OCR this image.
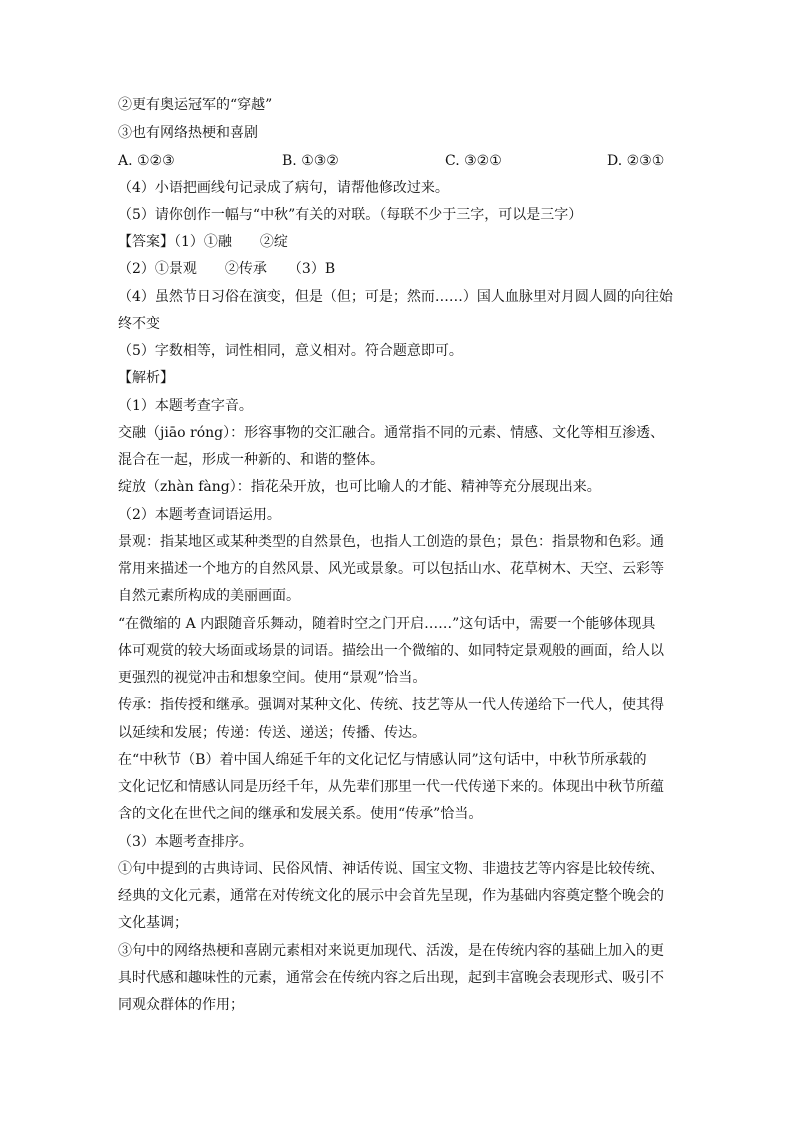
②更有奥运冠军的“穿越”
③也有网络热梗和喜剧
A. ①②③	B. ①③②	C. ③②①	D. ②③①
（4）小语把画线句记录成了病句，请帮他修改过来。
（5）请你创作一幅与“中秋”有关的对联。（每联不少于三字，可以是三字）
【答案】（1）①融　　②绽
（2）①景观　　②传承　　（3）B
（4）虽然节日习俗在演变，但是（但；可是；然而……）国人血脉里对月圆人圆的向往始
终不变
（5）字数相等，词性相同，意义相对。符合题意即可。
【解析】
（1）本题考查字音。
交融（jiāo róng）：形容事物的交汇融合。通常指不同的元素、情感、文化等相互渗透、
混合在一起，形成一种新的、和谐的整体。
绽放（zhàn fàng）：指花朵开放，也可比喻人的才能、精神等充分展现出来。
（2）本题考查词语运用。
景观：指某地区或某种类型的自然景色，也指人工创造的景色；景色：指景物和色彩。通
常用来描述一个地方的自然风景、风光或景象。可以包括山水、花草树木、天空、云彩等
自然元素所构成的美丽画面。
“在微缩的 A 内跟随音乐舞动，随着时空之门开启……”这句话中，需要一个能够体现具
体可观赏的较大场面或场景的词语。描绘出一个微缩的、如同特定景观般的画面，给人以
更强烈的视觉冲击和想象空间。使用“景观”恰当。
传承：指传授和继承。强调对某种文化、传统、技艺等从一代人传递给下一代人，使其得
以延续和发展；传递：传送、递送；传播、传达。
在“中秋节（B）着中国人绵延千年的文化记忆与情感认同”这句话中，中秋节所承载的
文化记忆和情感认同是历经千年，从先辈们那里一代一代传递下来的。体现出中秋节所蕴
含的文化在世代之间的继承和发展关系。使用“传承”恰当。
（3）本题考查排序。
①句中提到的古典诗词、民俗风情、神话传说、国宝文物、非遗技艺等内容是比较传统、
经典的文化元素，通常在对传统文化的展示中会首先呈现，作为基础内容奠定整个晚会的
文化基调；
③句中的网络热梗和喜剧元素相对来说更加现代、活泼，是在传统内容的基础上加入的更
具时代感和趣味性的元素，通常会在传统内容之后出现，起到丰富晚会表现形式、吸引不
同观众群体的作用；
